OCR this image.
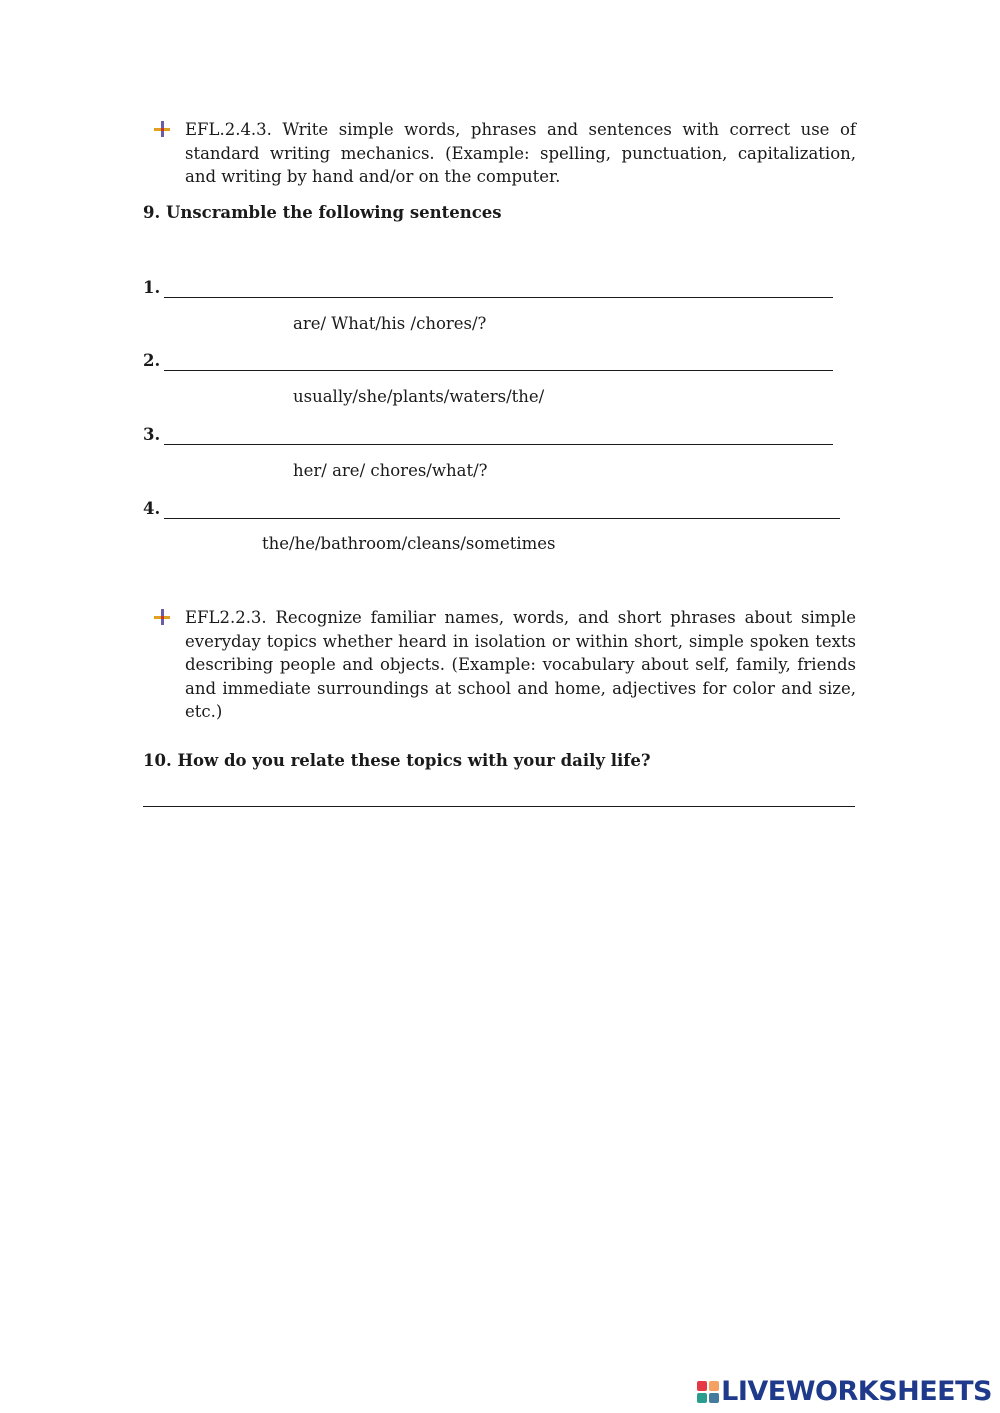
EFL.2.4.3. Write simple words, phrases and sentences with correct use of standard writing mechanics. (Example: spelling, punctuation, capitalization, and writing by hand and/or on the computer.
9. Unscramble the following sentences
1.
are/ What/his /chores/?
2.
usually/she/plants/waters/the/
3.
her/ are/ chores/what/?
4.
the/he/bathroom/cleans/sometimes
EFL2.2.3. Recognize familiar names, words, and short phrases about simple everyday topics whether heard in isolation or within short, simple spoken texts describing people and objects. (Example: vocabulary about self, family, friends and immediate surroundings at school and home, adjectives for color and size, etc.)
10. How do you relate these topics with your daily life?
LIVEWORKSHEETS
